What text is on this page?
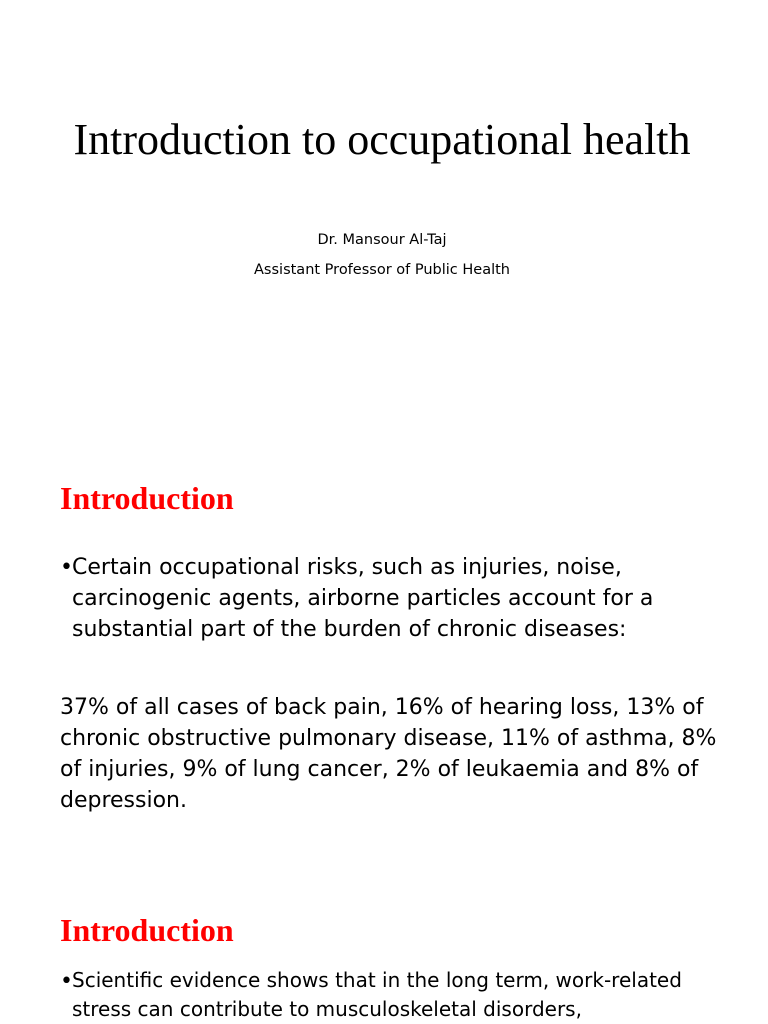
Introduction to occupational health

Dr. Mansour Al-Taj

Assistant Professor of Public Health

Introduction
• Certain occupational risks, such as injuries, noise, carcinogenic agents, airborne particles account for a substantial part of the burden of chronic diseases:

37% of all cases of back pain, 16% of hearing loss, 13% of chronic obstructive pulmonary disease, 11% of asthma, 8% of injuries, 9% of lung cancer, 2% of leukaemia and 8% of depression.

Introduction
• Scientific evidence shows that in the long term, work-related stress can contribute to musculoskeletal disorders,
